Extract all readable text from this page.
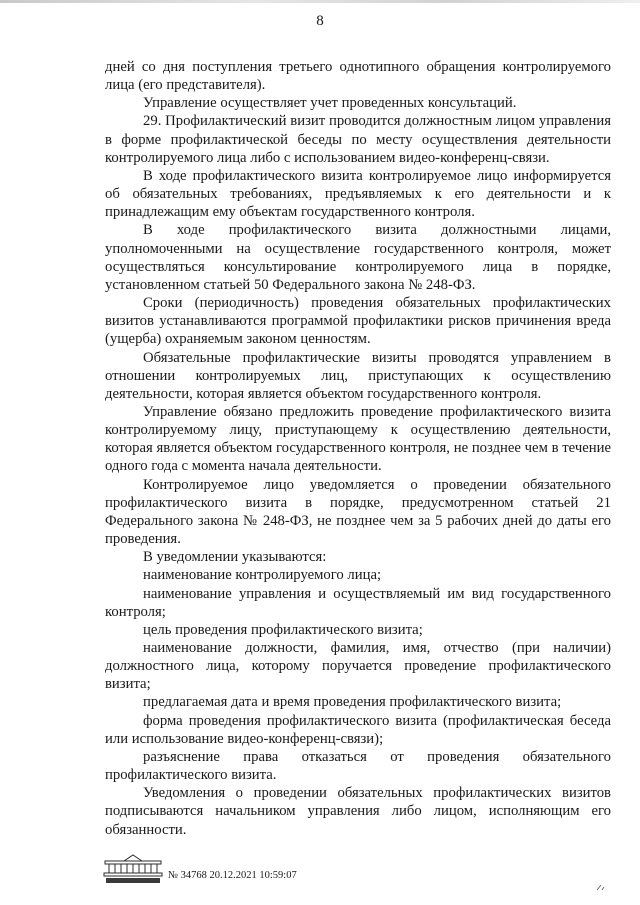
8

дней со дня поступления третьего однотипного обращения контролируемого лица (его представителя).

Управление осуществляет учет проведенных консультаций.

29. Профилактический визит проводится должностным лицом управления в форме профилактической беседы по месту осуществления деятельности контролируемого лица либо с использованием видео-конференц-связи.

В ходе профилактического визита контролируемое лицо информируется об обязательных требованиях, предъявляемых к его деятельности и к принадлежащим ему объектам государственного контроля.

В ходе профилактического визита должностными лицами, уполномоченными на осуществление государственного контроля, может осуществляться консультирование контролируемого лица в порядке, установленном статьей 50 Федерального закона № 248-ФЗ.

Сроки (периодичность) проведения обязательных профилактических визитов устанавливаются программой профилактики рисков причинения вреда (ущерба) охраняемым законом ценностям.

Обязательные профилактические визиты проводятся управлением в отношении контролируемых лиц, приступающих к осуществлению деятельности, которая является объектом государственного контроля.

Управление обязано предложить проведение профилактического визита контролируемому лицу, приступающему к осуществлению деятельности, которая является объектом государственного контроля, не позднее чем в течение одного года с момента начала деятельности.

Контролируемое лицо уведомляется о проведении обязательного профилактического визита в порядке, предусмотренном статьей 21 Федерального закона № 248-ФЗ, не позднее чем за 5 рабочих дней до даты его проведения.

В уведомлении указываются:

наименование контролируемого лица;

наименование управления и осуществляемый им вид государственного контроля;

цель проведения профилактического визита;

наименование должности, фамилия, имя, отчество (при наличии) должностного лица, которому поручается проведение профилактического визита;

предлагаемая дата и время проведения профилактического визита;

форма проведения профилактического визита (профилактическая беседа или использование видео-конференц-связи);

разъяснение права отказаться от проведения обязательного профилактического визита.

Уведомления о проведении обязательных профилактических визитов подписываются начальником управления либо лицом, исполняющим его обязанности.

№ 34768 20.12.2021 10:59:07
